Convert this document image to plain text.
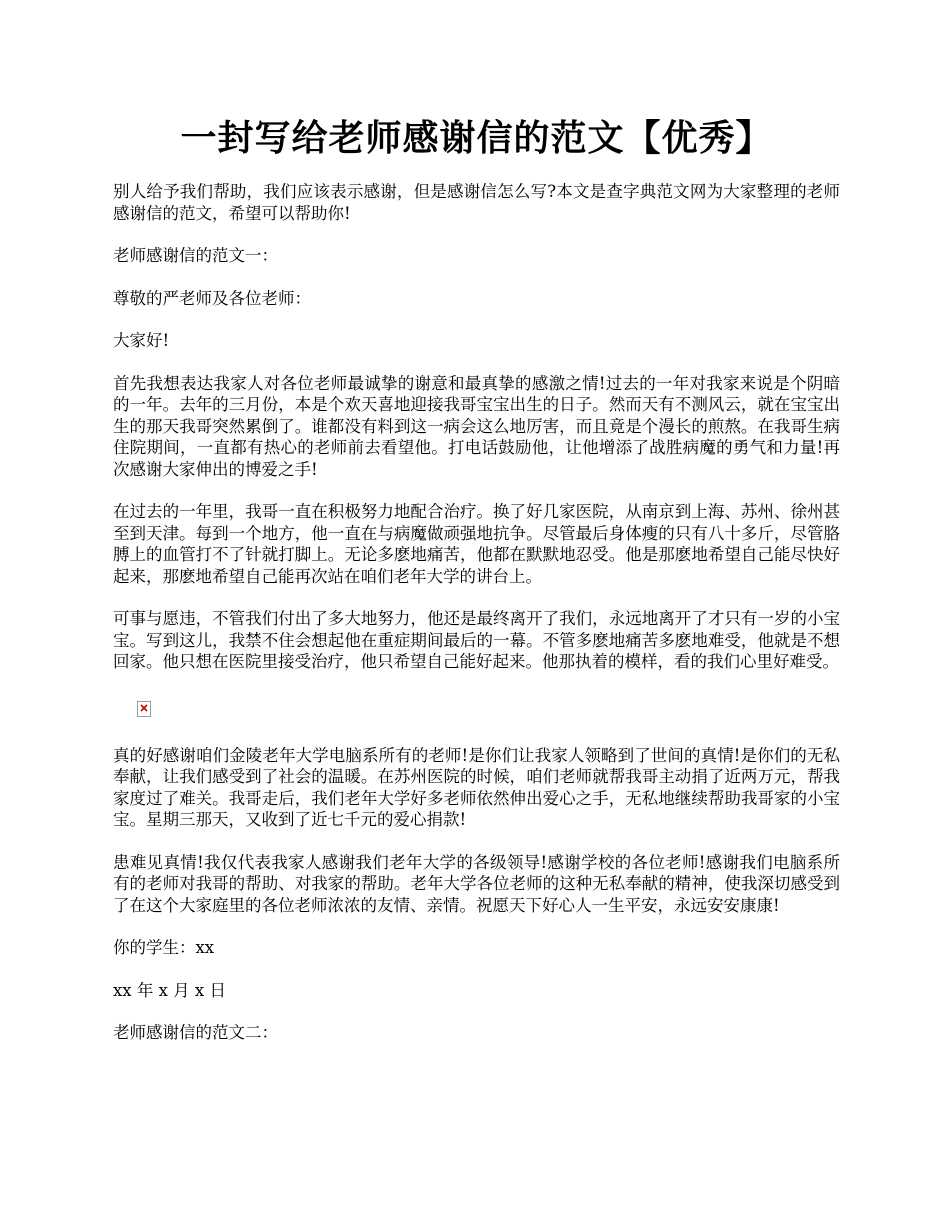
一封写给老师感谢信的范文【优秀】

别人给予我们帮助，我们应该表示感谢，但是感谢信怎么写?本文是查字典范文网为大家整理的老师感谢信的范文，希望可以帮助你!

老师感谢信的范文一：

尊敬的严老师及各位老师：

大家好!

首先我想表达我家人对各位老师最诚挚的谢意和最真挚的感激之情!过去的一年对我家来说是个阴暗的一年。去年的三月份，本是个欢天喜地迎接我哥宝宝出生的日子。然而天有不测风云，就在宝宝出生的那天我哥突然累倒了。谁都没有料到这一病会这么地厉害，而且竟是个漫长的煎熬。在我哥生病住院期间，一直都有热心的老师前去看望他。打电话鼓励他，让他增添了战胜病魔的勇气和力量!再次感谢大家伸出的博爱之手!

在过去的一年里，我哥一直在积极努力地配合治疗。换了好几家医院，从南京到上海、苏州、徐州甚至到天津。每到一个地方，他一直在与病魔做顽强地抗争。尽管最后身体瘦的只有八十多斤，尽管胳膊上的血管打不了针就打脚上。无论多麽地痛苦，他都在默默地忍受。他是那麽地希望自己能尽快好起来，那麽地希望自己能再次站在咱们老年大学的讲台上。

可事与愿违，不管我们付出了多大地努力，他还是最终离开了我们，永远地离开了才只有一岁的小宝宝。写到这儿，我禁不住会想起他在重症期间最后的一幕。不管多麽地痛苦多麽地难受，他就是不想回家。他只想在医院里接受治疗，他只希望自己能好起来。他那执着的模样，看的我们心里好难受。

真的好感谢咱们金陵老年大学电脑系所有的老师!是你们让我家人领略到了世间的真情!是你们的无私奉献，让我们感受到了社会的温暖。在苏州医院的时候，咱们老师就帮我哥主动捐了近两万元，帮我家度过了难关。我哥走后，我们老年大学好多老师依然伸出爱心之手，无私地继续帮助我哥家的小宝宝。星期三那天，又收到了近七千元的爱心捐款!

患难见真情!我仅代表我家人感谢我们老年大学的各级领导!感谢学校的各位老师!感谢我们电脑系所有的老师对我哥的帮助、对我家的帮助。老年大学各位老师的这种无私奉献的精神，使我深切感受到了在这个大家庭里的各位老师浓浓的友情、亲情。祝愿天下好心人一生平安，永远安安康康!

你的学生：xx

xx 年 x 月 x 日

老师感谢信的范文二：
